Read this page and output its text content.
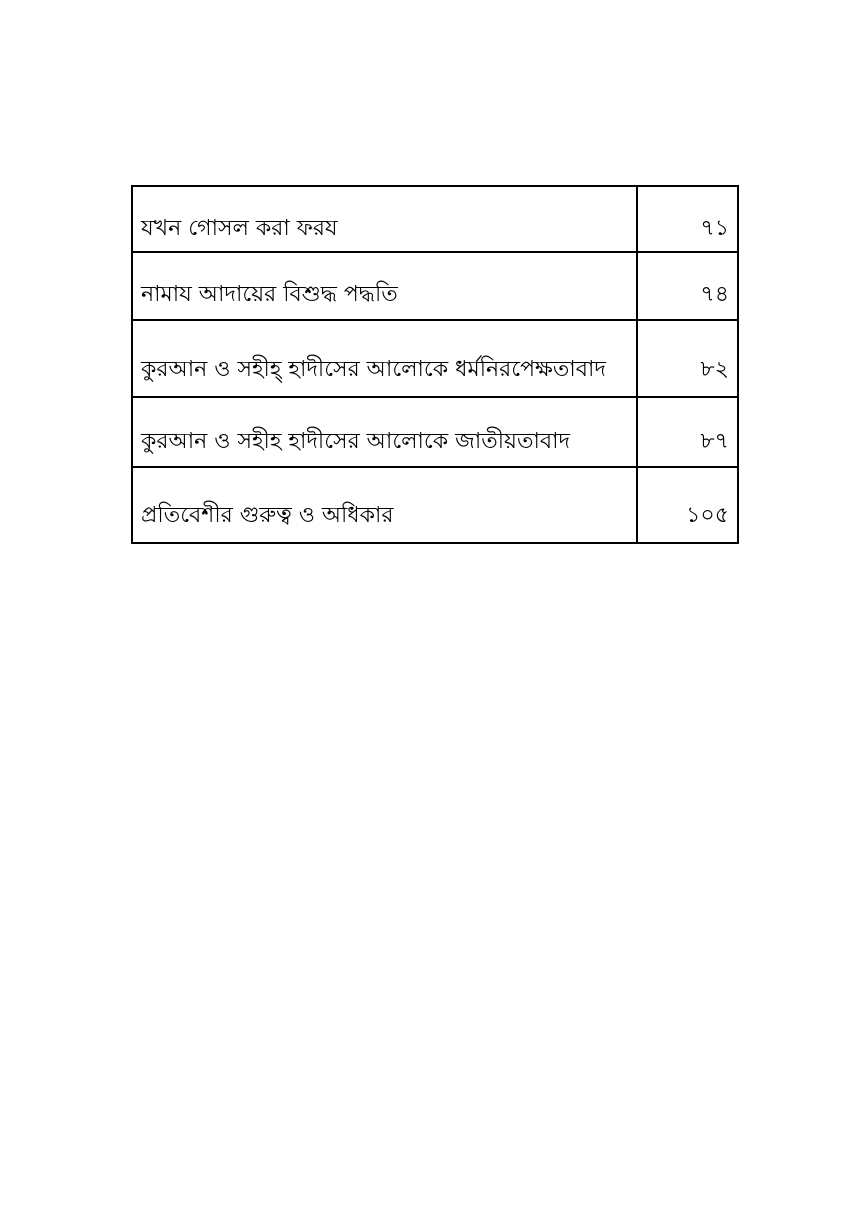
যখন গোসল করা ফরয	৭১
নামায আদায়ের বিশুদ্ধ পদ্ধতি	৭৪
কুরআন ও সহীহ্ হাদীসের আলোকে ধর্মনিরপেক্ষতাবাদ	৮২
কুরআন ও সহীহ হাদীসের আলোকে জাতীয়তাবাদ	৮৭
প্রতিবেশীর গুরুত্ব ও অধিকার	১০৫
